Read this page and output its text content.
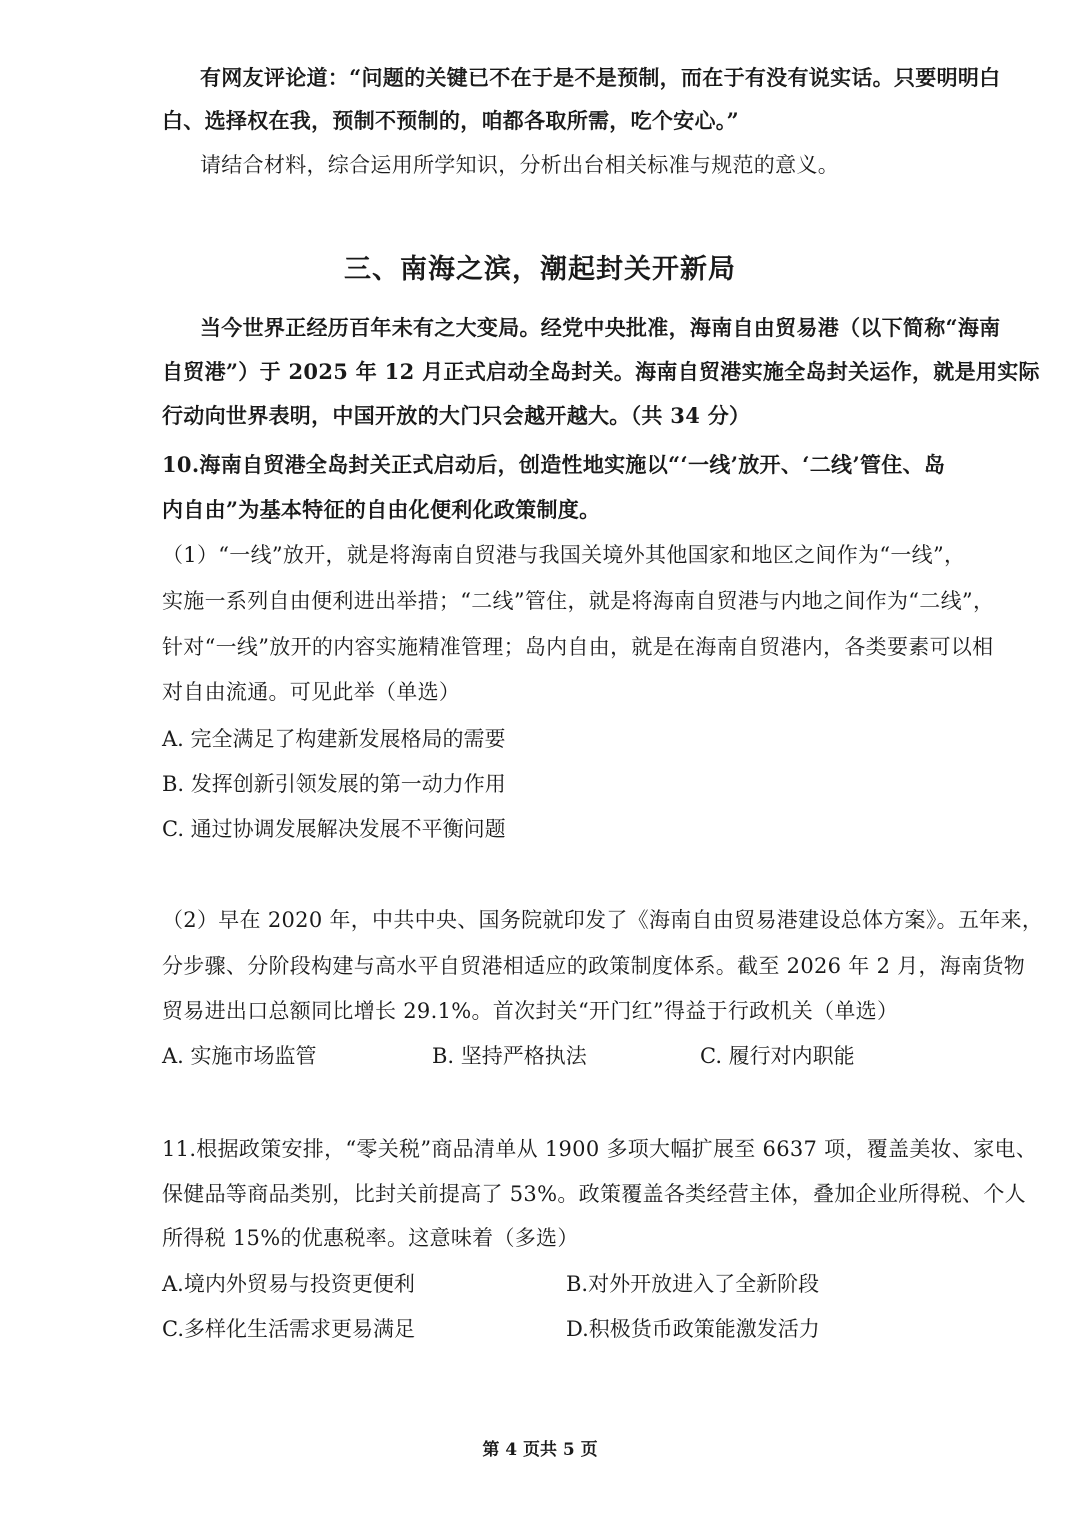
有网友评论道：“问题的关键已不在于是不是预制，而在于有没有说实话。只要明明白
白、选择权在我，预制不预制的，咱都各取所需，吃个安心。”
请结合材料，综合运用所学知识，分析出台相关标准与规范的意义。
三、南海之滨，潮起封关开新局
当今世界正经历百年未有之大变局。经党中央批准，海南自由贸易港（以下简称“海南
自贸港”）于 2025 年 12 月正式启动全岛封关。海南自贸港实施全岛封关运作，就是用实际
行动向世界表明，中国开放的大门只会越开越大。（共 34 分）
10.海南自贸港全岛封关正式启动后，创造性地实施以“‘一线’放开、‘二线’管住、岛
内自由”为基本特征的自由化便利化政策制度。
（1）“一线”放开，就是将海南自贸港与我国关境外其他国家和地区之间作为“一线”，
实施一系列自由便利进出举措；“二线”管住，就是将海南自贸港与内地之间作为“二线”，
针对“一线”放开的内容实施精准管理；岛内自由，就是在海南自贸港内，各类要素可以相
对自由流通。可见此举（单选）
A. 完全满足了构建新发展格局的需要
B. 发挥创新引领发展的第一动力作用
C. 通过协调发展解决发展不平衡问题
（2）早在 2020 年，中共中央、国务院就印发了《海南自由贸易港建设总体方案》。五年来，
分步骤、分阶段构建与高水平自贸港相适应的政策制度体系。截至 2026 年 2 月，海南货物
贸易进出口总额同比增长 29.1%。首次封关“开门红”得益于行政机关（单选）
A. 实施市场监管	B. 坚持严格执法	C. 履行对内职能
11.根据政策安排，“零关税”商品清单从 1900 多项大幅扩展至 6637 项，覆盖美妆、家电、
保健品等商品类别，比封关前提高了 53%。政策覆盖各类经营主体，叠加企业所得税、个人
所得税 15%的优惠税率。这意味着（多选）
A.境内外贸易与投资更便利	B.对外开放进入了全新阶段
C.多样化生活需求更易满足	D.积极货币政策能激发活力
第 4 页共 5 页
